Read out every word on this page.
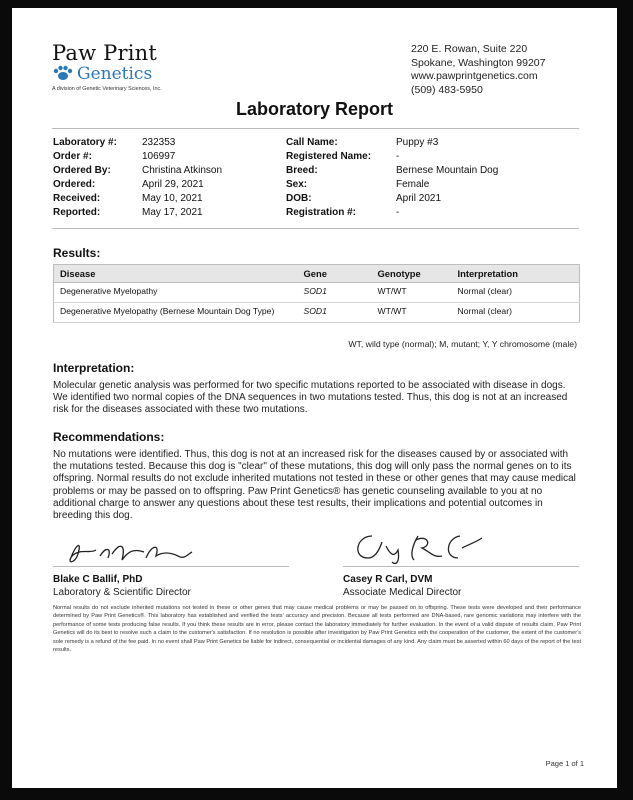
Paw Print
Genetics
A division of Genetic Veterinary Sciences, Inc.
220 E. Rowan, Suite 220
Spokane, Washington 99207
www.pawprintgenetics.com
(509) 483-5950
Laboratory Report
Laboratory #:	232353
Order #:	106997
Ordered By:	Christina Atkinson
Ordered:	April 29, 2021
Received:	May 10, 2021
Reported:	May 17, 2021
Call Name:	Puppy #3
Registered Name: -
Breed:	Bernese Mountain Dog
Sex:	Female
DOB:	April 2021
Registration #:	-
Results:
Disease	Gene	Genotype	Interpretation
Degenerative Myelopathy	SOD1	WT/WT	Normal (clear)
Degenerative Myelopathy (Bernese Mountain Dog Type)	SOD1	WT/WT	Normal (clear)
WT, wild type (normal); M, mutant; Y, Y chromosome (male)
Interpretation:
Molecular genetic analysis was performed for two specific mutations reported to be associated with disease in dogs. We identified two normal copies of the DNA sequences in two mutations tested. Thus, this dog is not at an increased risk for the diseases associated with these two mutations.
Recommendations:
No mutations were identified. Thus, this dog is not at an increased risk for the diseases caused by or associated with the mutations tested. Because this dog is "clear" of these mutations, this dog will only pass the normal genes on to its offspring. Normal results do not exclude inherited mutations not tested in these or other genes that may cause medical problems or may be passed on to offspring. Paw Print Genetics® has genetic counseling available to you at no additional charge to answer any questions about these test results, their implications and potential outcomes in breeding this dog.
Blake C Ballif, PhD
Laboratory & Scientific Director
Casey R Carl, DVM
Associate Medical Director
Normal results do not exclude inherited mutations not tested in these or other genes that may cause medical problems or may be passed on to offspring. These tests were developed and their performance determined by Paw Print Genetics®. This laboratory has established and verified the tests' accuracy and precision. Because all tests performed are DNA-based, rare genomic variations may interfere with the performance of some tests producing false results. If you think these results are in error, please contact the laboratory immediately for further evaluation. In the event of a valid dispute of results claim, Paw Print Genetics will do its best to resolve such a claim to the customer's satisfaction. If no resolution is possible after investigation by Paw Print Genetics with the cooperation of the customer, the extent of the customer's sole remedy is a refund of the fee paid. In no event shall Paw Print Genetics be liable for indirect, consequential or incidental damages of any kind. Any claim must be asserted within 60 days of the report of the test results.
Page 1 of 1
